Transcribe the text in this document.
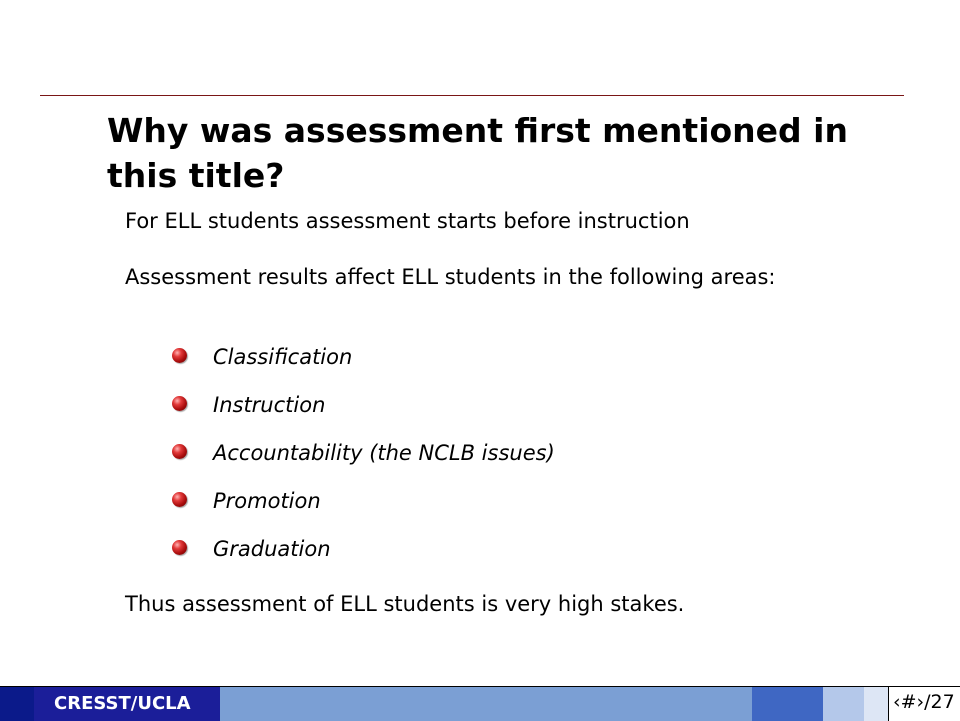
Why was assessment first mentioned in this title?

For ELL students assessment starts before instruction

Assessment results affect ELL students in the following areas:

Classification
Instruction
Accountability (the NCLB issues)
Promotion
Graduation

Thus assessment of ELL students is very high stakes.

CRESST/UCLA	‹#›/27
